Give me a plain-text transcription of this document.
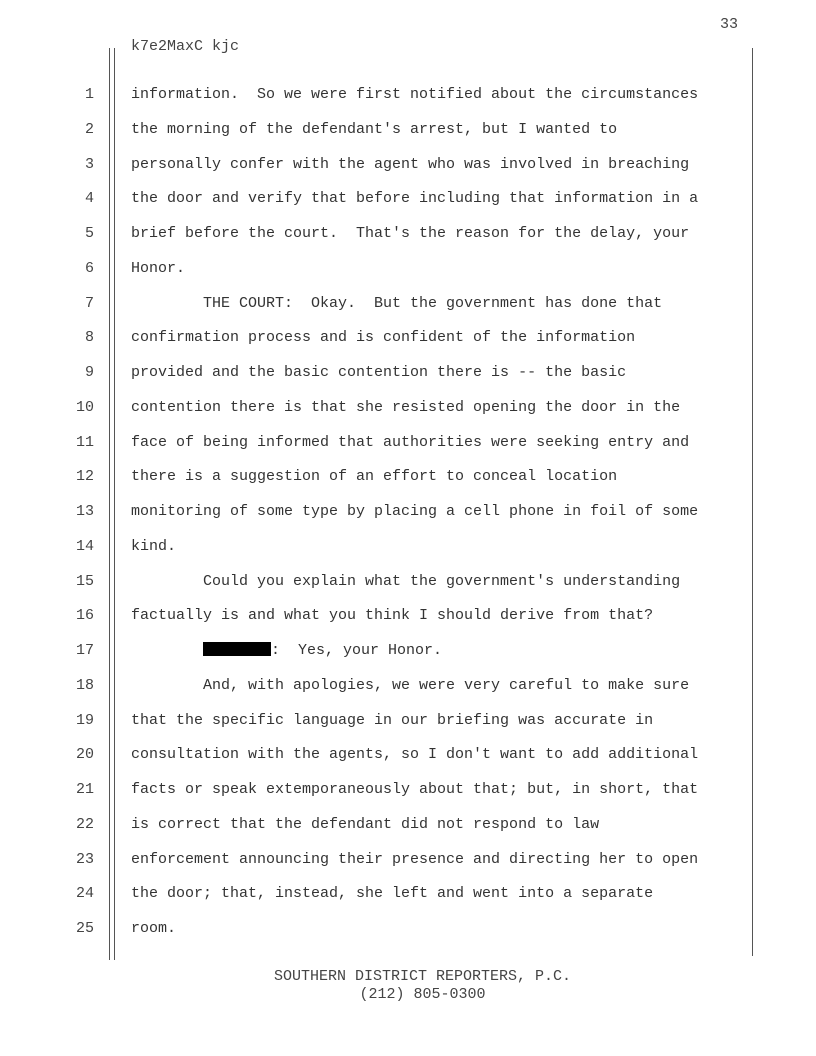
33
k7e2MaxC kjc
1 information.  So we were first notified about the circumstances
2 the morning of the defendant's arrest, but I wanted to
3 personally confer with the agent who was involved in breaching
4 the door and verify that before including that information in a
5 brief before the court.  That's the reason for the delay, your
6 Honor.
7 THE COURT:  Okay.  But the government has done that
8 confirmation process and is confident of the information
9 provided and the basic contention there is -- the basic
10 contention there is that she resisted opening the door in the
11 face of being informed that authorities were seeking entry and
12 there is a suggestion of an effort to conceal location
13 monitoring of some type by placing a cell phone in foil of some
14 kind.
15 Could you explain what the government's understanding
16 factually is and what you think I should derive from that?
17	:  Yes, your Honor.
18 And, with apologies, we were very careful to make sure
19 that the specific language in our briefing was accurate in
20 consultation with the agents, so I don't want to add additional
21 facts or speak extemporaneously about that; but, in short, that
22 is correct that the defendant did not respond to law
23 enforcement announcing their presence and directing her to open
24 the door; that, instead, she left and went into a separate
25 room.
SOUTHERN DISTRICT REPORTERS, P.C.
(212) 805-0300
